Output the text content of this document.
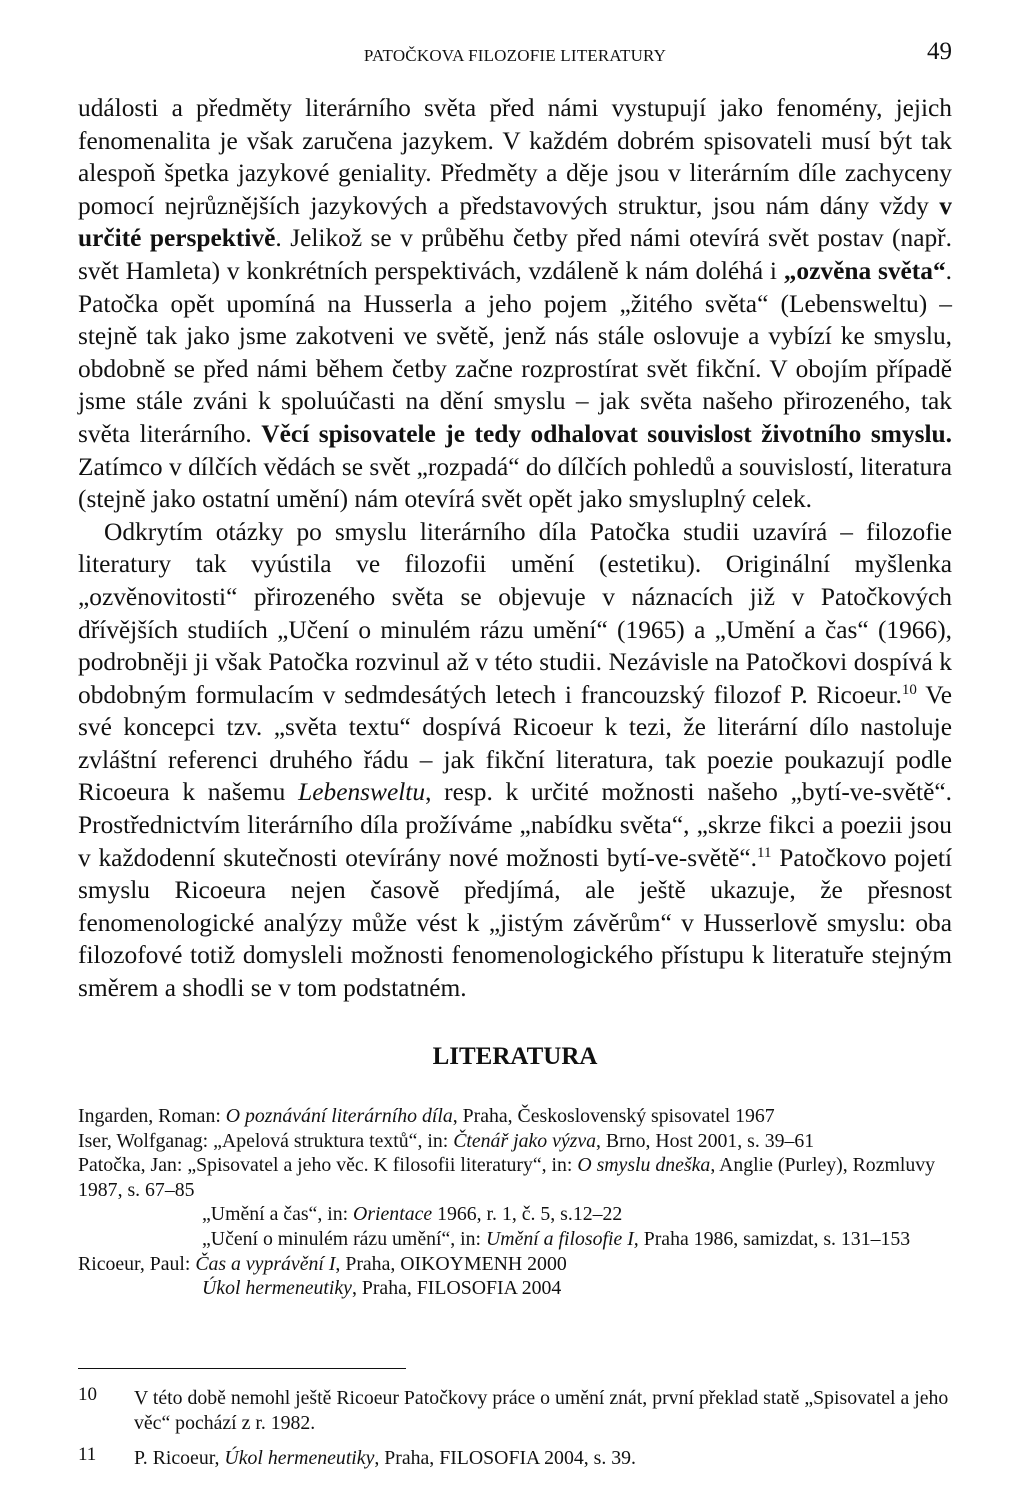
PATOČKOVA FILOZOFIE LITERATURY	49

události a předměty literárního světa před námi vystupují jako fenomény, jejich fenomenalita je však zaručena jazykem. V každém dobrém spisovateli musí být tak alespoň špetka jazykové geniality. Předměty a děje jsou v literárním díle zachyceny pomocí nejrůznějších jazykových a představových struktur, jsou nám dány vždy v určité perspektivě. Jelikož se v průběhu četby před námi otevírá svět postav (např. svět Hamleta) v konkrétních perspektivách, vzdáleně k nám doléhá i „ozvěna světa“. Patočka opět upomíná na Husserla a jeho pojem „žitého světa“ (Lebensweltu) – stejně tak jako jsme zakotveni ve světě, jenž nás stále oslovuje a vybízí ke smyslu, obdobně se před námi během četby začne rozprostírat svět fikční. V obojím případě jsme stále zváni k spoluúčasti na dění smyslu – jak světa našeho přirozeného, tak světa literárního. Věcí spisovatele je tedy odhalovat souvislost životního smyslu. Zatímco v dílčích vědách se svět „rozpadá“ do dílčích pohledů a souvislostí, literatura (stejně jako ostatní umění) nám otevírá svět opět jako smysluplný celek.

Odkrytím otázky po smyslu literárního díla Patočka studii uzavírá – filozofie literatury tak vyústila ve filozofii umění (estetiku). Originální myšlenka „ozvěnovitosti“ přirozeného světa se objevuje v náznacích již v Patočkových dřívějších studiích „Učení o minulém rázu umění“ (1965) a „Umění a čas“ (1966), podrobněji ji však Patočka rozvinul až v této studii. Nezávisle na Patočkovi dospívá k obdobným formulacím v sedmdesátých letech i francouzský filozof P. Ricoeur.$^{10}$ Ve své koncepci tzv. „světa textu“ dospívá Ricoeur k tezi, že literární dílo nastoluje zvláštní referenci druhého řádu – jak fikční literatura, tak poezie poukazují podle Ricoeura k našemu Lebensweltu, resp. k určité možnosti našeho „bytí-ve-světě“. Prostřednictvím literárního díla prožíváme „nabídku světa“, „skrze fikci a poezii jsou v každodenní skutečnosti otevírány nové možnosti bytí-ve-světě“.$^{11}$ Patočkovo pojetí smyslu Ricoeura nejen časově předjímá, ale ještě ukazuje, že přesnost fenomenologické analýzy může vést k „jistým závěrům“ v Husserlově smyslu: oba filozofové totiž domysleli možnosti fenomenologického přístupu k literatuře stejným směrem a shodli se v tom podstatném.

LITERATURA

Ingarden, Roman: O poznávání literárního díla, Praha, Československý spisovatel 1967

Iser, Wolfganag: „Apelová struktura textů“, in: Čtenář jako výzva, Brno, Host 2001, s. 39–61

Patočka, Jan: „Spisovatel a jeho věc. K filosofii literatury“, in: O smyslu dneška, Anglie (Purley), Rozmluvy 1987, s. 67–85

„Umění a čas“, in: Orientace 1966, r. 1, č. 5, s.12–22

„Učení o minulém rázu umění“, in: Umění a filosofie I, Praha 1986, samizdat, s. 131–153

Ricoeur, Paul: Čas a vyprávění I, Praha, OIKOYMENH 2000

Úkol hermeneutiky, Praha, FILOSOFIA 2004

10 V této době nemohl ještě Ricoeur Patočkovy práce o umění znát, první překlad statě „Spisovatel a jeho věc“ pochází z r. 1982.
11 P. Ricoeur, Úkol hermeneutiky, Praha, FILOSOFIA 2004, s. 39.
